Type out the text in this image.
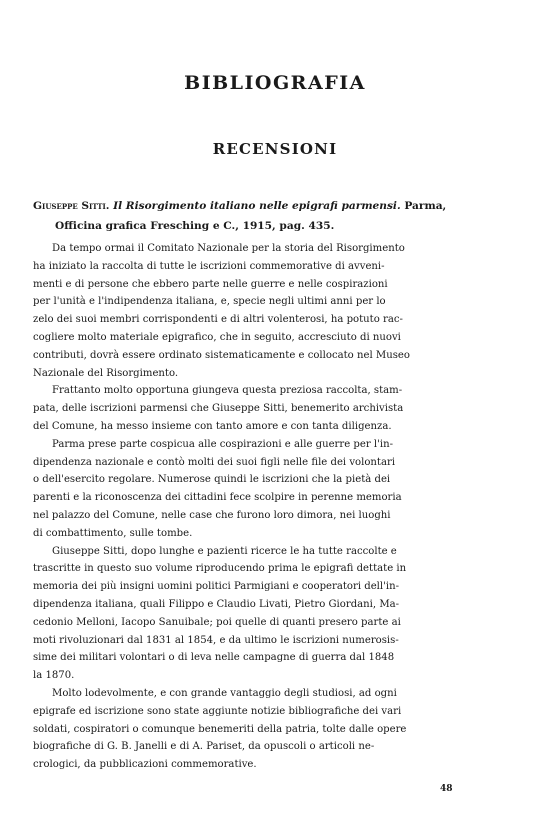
BIBLIOGRAFIA
RECENSIONI
Giuseppe Sitti. Il Risorgimento italiano nelle epigrafi parmensi. Parma,
Officina grafica Fresching e C., 1915, pag. 435.
Da tempo ormai il Comitato Nazionale per la storia del Risorgimento
ha iniziato la raccolta di tutte le iscrizioni commemorative di avveni-
menti e di persone che ebbero parte nelle guerre e nelle cospirazioni
per l'unità e l'indipendenza italiana, e, specie negli ultimi anni per lo
zelo dei suoi membri corrispondenti e di altri volenterosi, ha potuto rac-
cogliere molto materiale epigrafico, che in seguito, accresciuto di nuovi
contributi, dovrà essere ordinato sistematicamente e collocato nel Museo
Nazionale del Risorgimento.
Frattanto molto opportuna giungeva questa preziosa raccolta, stam-
pata, delle iscrizioni parmensi che Giuseppe Sitti, benemerito archivista
del Comune, ha messo insieme con tanto amore e con tanta diligenza.
Parma prese parte cospicua alle cospirazioni e alle guerre per l'in-
dipendenza nazionale e contò molti dei suoi figli nelle file dei volontari
o dell'esercito regolare. Numerose quindi le iscrizioni che la pietà dei
parenti e la riconoscenza dei cittadini fece scolpire in perenne memoria
nel palazzo del Comune, nelle case che furono loro dimora, nei luoghi
di combattimento, sulle tombe.
Giuseppe Sitti, dopo lunghe e pazienti ricerce le ha tutte raccolte e
trascritte in questo suo volume riproducendo prima le epigrafi dettate in
memoria dei più insigni uomini politici Parmigiani e cooperatori dell'in-
dipendenza italiana, quali Filippo e Claudio Livati, Pietro Giordani, Ma-
cedonio Melloni, Iacopo Sanuibale; poi quelle di quanti presero parte ai
moti rivoluzionari dal 1831 al 1854, e da ultimo le iscrizioni numerosis-
sime dei militari volontari o di leva nelle campagne di guerra dal 1848
la 1870.
Molto lodevolmente, e con grande vantaggio degli studiosi, ad ogni
epigrafe ed iscrizione sono state aggiunte notizie bibliografiche dei vari
soldati, cospiratori o comunque benemeriti della patria, tolte dalle opere
biografiche di G. B. Janelli e di A. Pariset, da opuscoli o articoli ne-
crologici, da pubblicazioni commemorative.
48
